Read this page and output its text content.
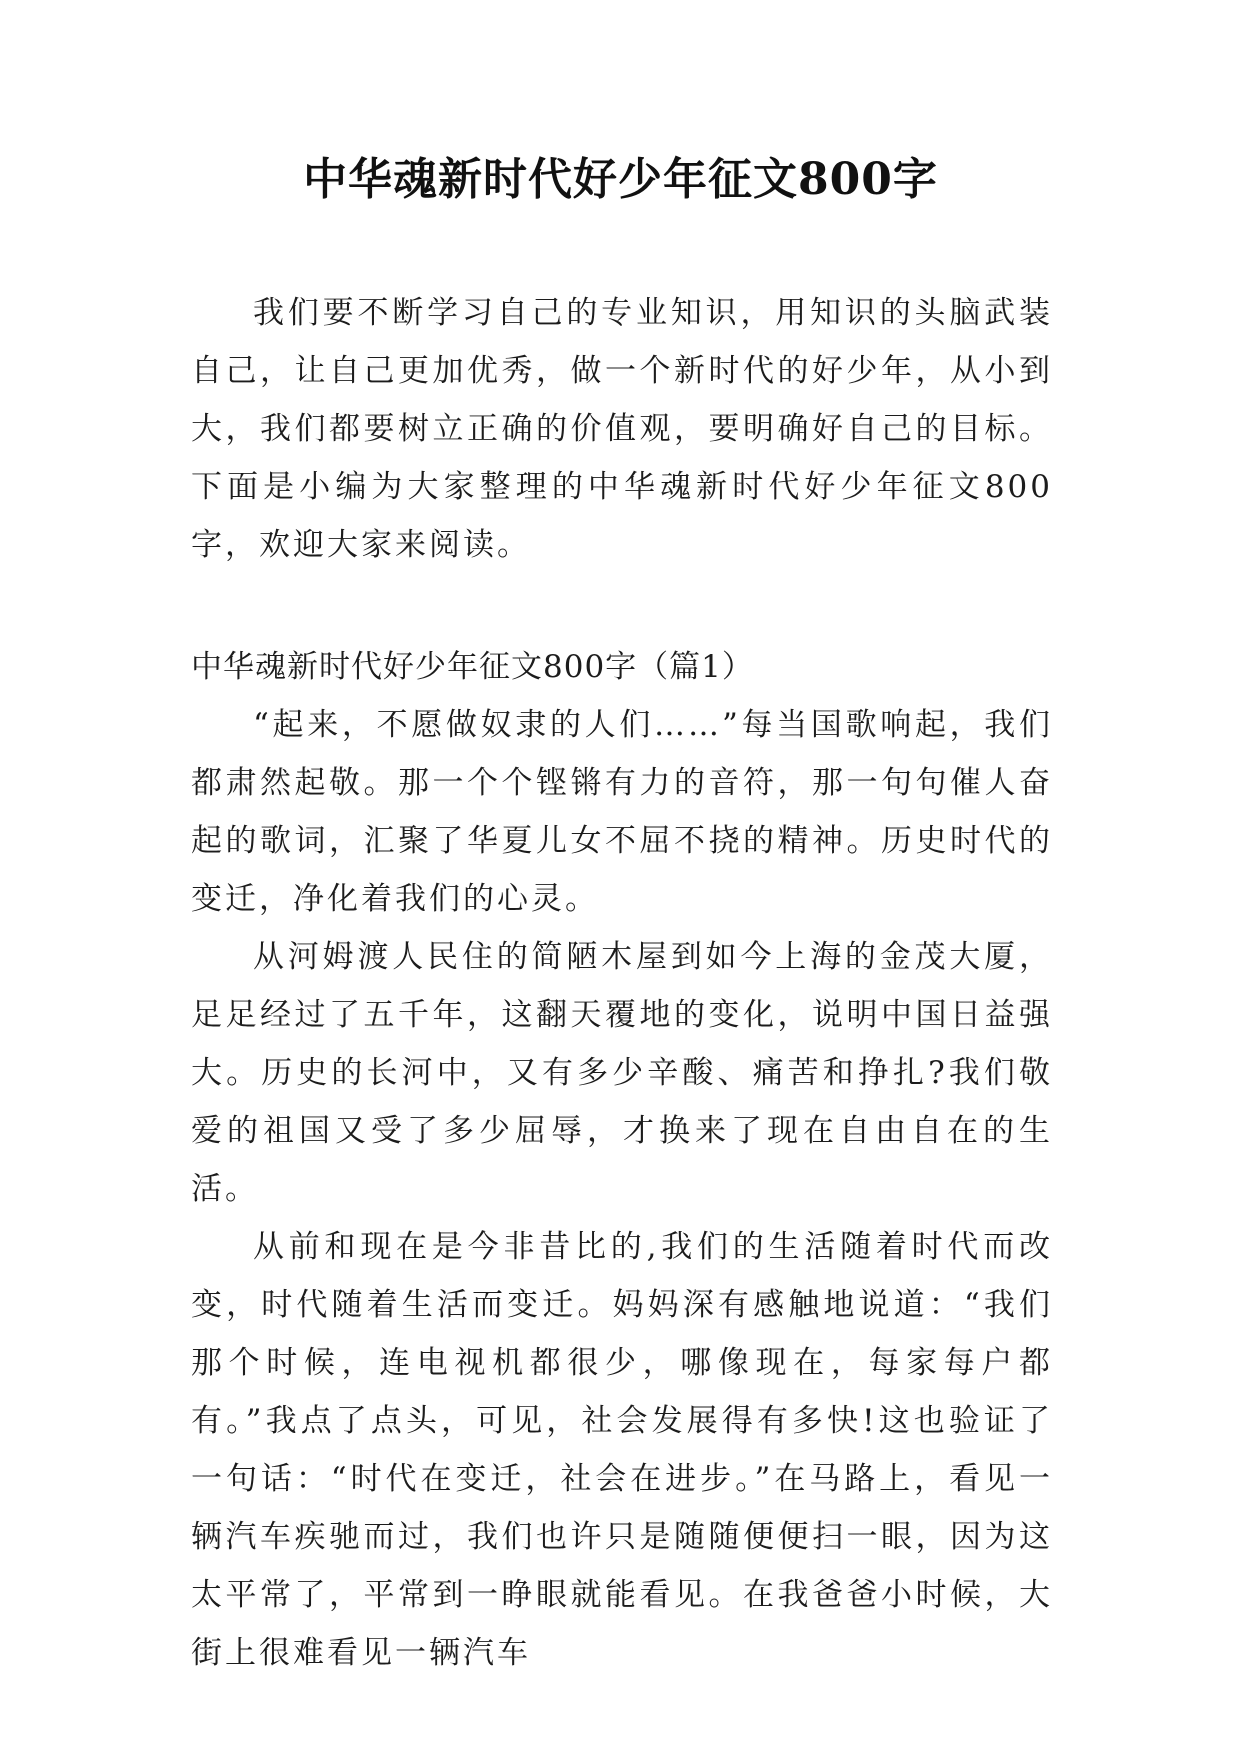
中华魂新时代好少年征文800字

我们要不断学习自己的专业知识，用知识的头脑武装自己，让自己更加优秀，做一个新时代的好少年，从小到大，我们都要树立正确的价值观，要明确好自己的目标。下面是小编为大家整理的中华魂新时代好少年征文800字，欢迎大家来阅读。

中华魂新时代好少年征文800字（篇1）

“起来，不愿做奴隶的人们……”每当国歌响起，我们都肃然起敬。那一个个铿锵有力的音符，那一句句催人奋起的歌词，汇聚了华夏儿女不屈不挠的精神。历史时代的变迁，净化着我们的心灵。

从河姆渡人民住的简陋木屋到如今上海的金茂大厦，足足经过了五千年，这翻天覆地的变化，说明中国日益强大。历史的长河中，又有多少辛酸、痛苦和挣扎?我们敬爱的祖国又受了多少屈辱，才换来了现在自由自在的生活。

从前和现在是今非昔比的,我们的生活随着时代而改变，时代随着生活而变迁。妈妈深有感触地说道：“我们那个时候，连电视机都很少，哪像现在，每家每户都有。”我点了点头，可见，社会发展得有多快!这也验证了一句话：“时代在变迁，社会在进步。”在马路上，看见一辆汽车疾驰而过，我们也许只是随随便便扫一眼，因为这太平常了，平常到一睁眼就能看见。在我爸爸小时候，大街上很难看见一辆汽车
